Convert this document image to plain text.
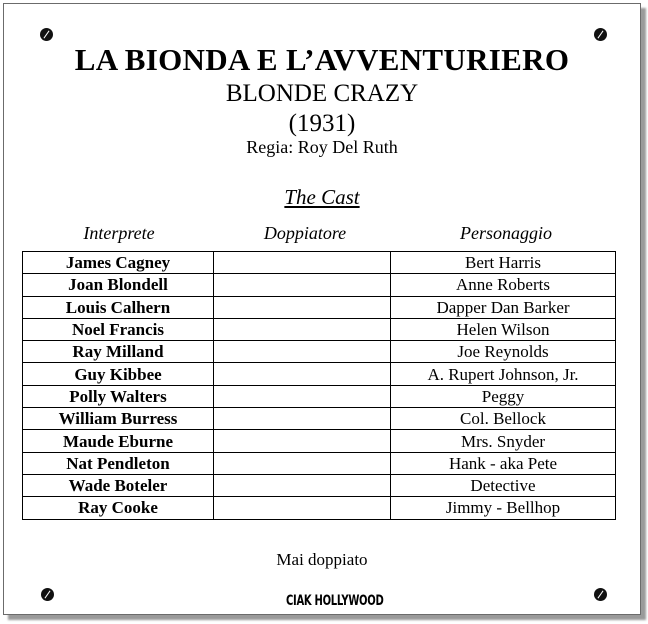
LA BIONDA E L’AVVENTURIERO
BLONDE CRAZY
(1931)
Regia: Roy Del Ruth
The Cast
Interprete	Doppiatore	Personaggio
James Cagney		Bert Harris
Joan Blondell		Anne Roberts
Louis Calhern		Dapper Dan Barker
Noel Francis		Helen Wilson
Ray Milland		Joe Reynolds
Guy Kibbee		A. Rupert Johnson, Jr.
Polly Walters		Peggy
William Burress		Col. Bellock
Maude Eburne		Mrs. Snyder
Nat Pendleton		Hank - aka Pete
Wade Boteler		Detective
Ray Cooke		Jimmy - Bellhop
Mai doppiato
CIAK HOLLYWOOD
